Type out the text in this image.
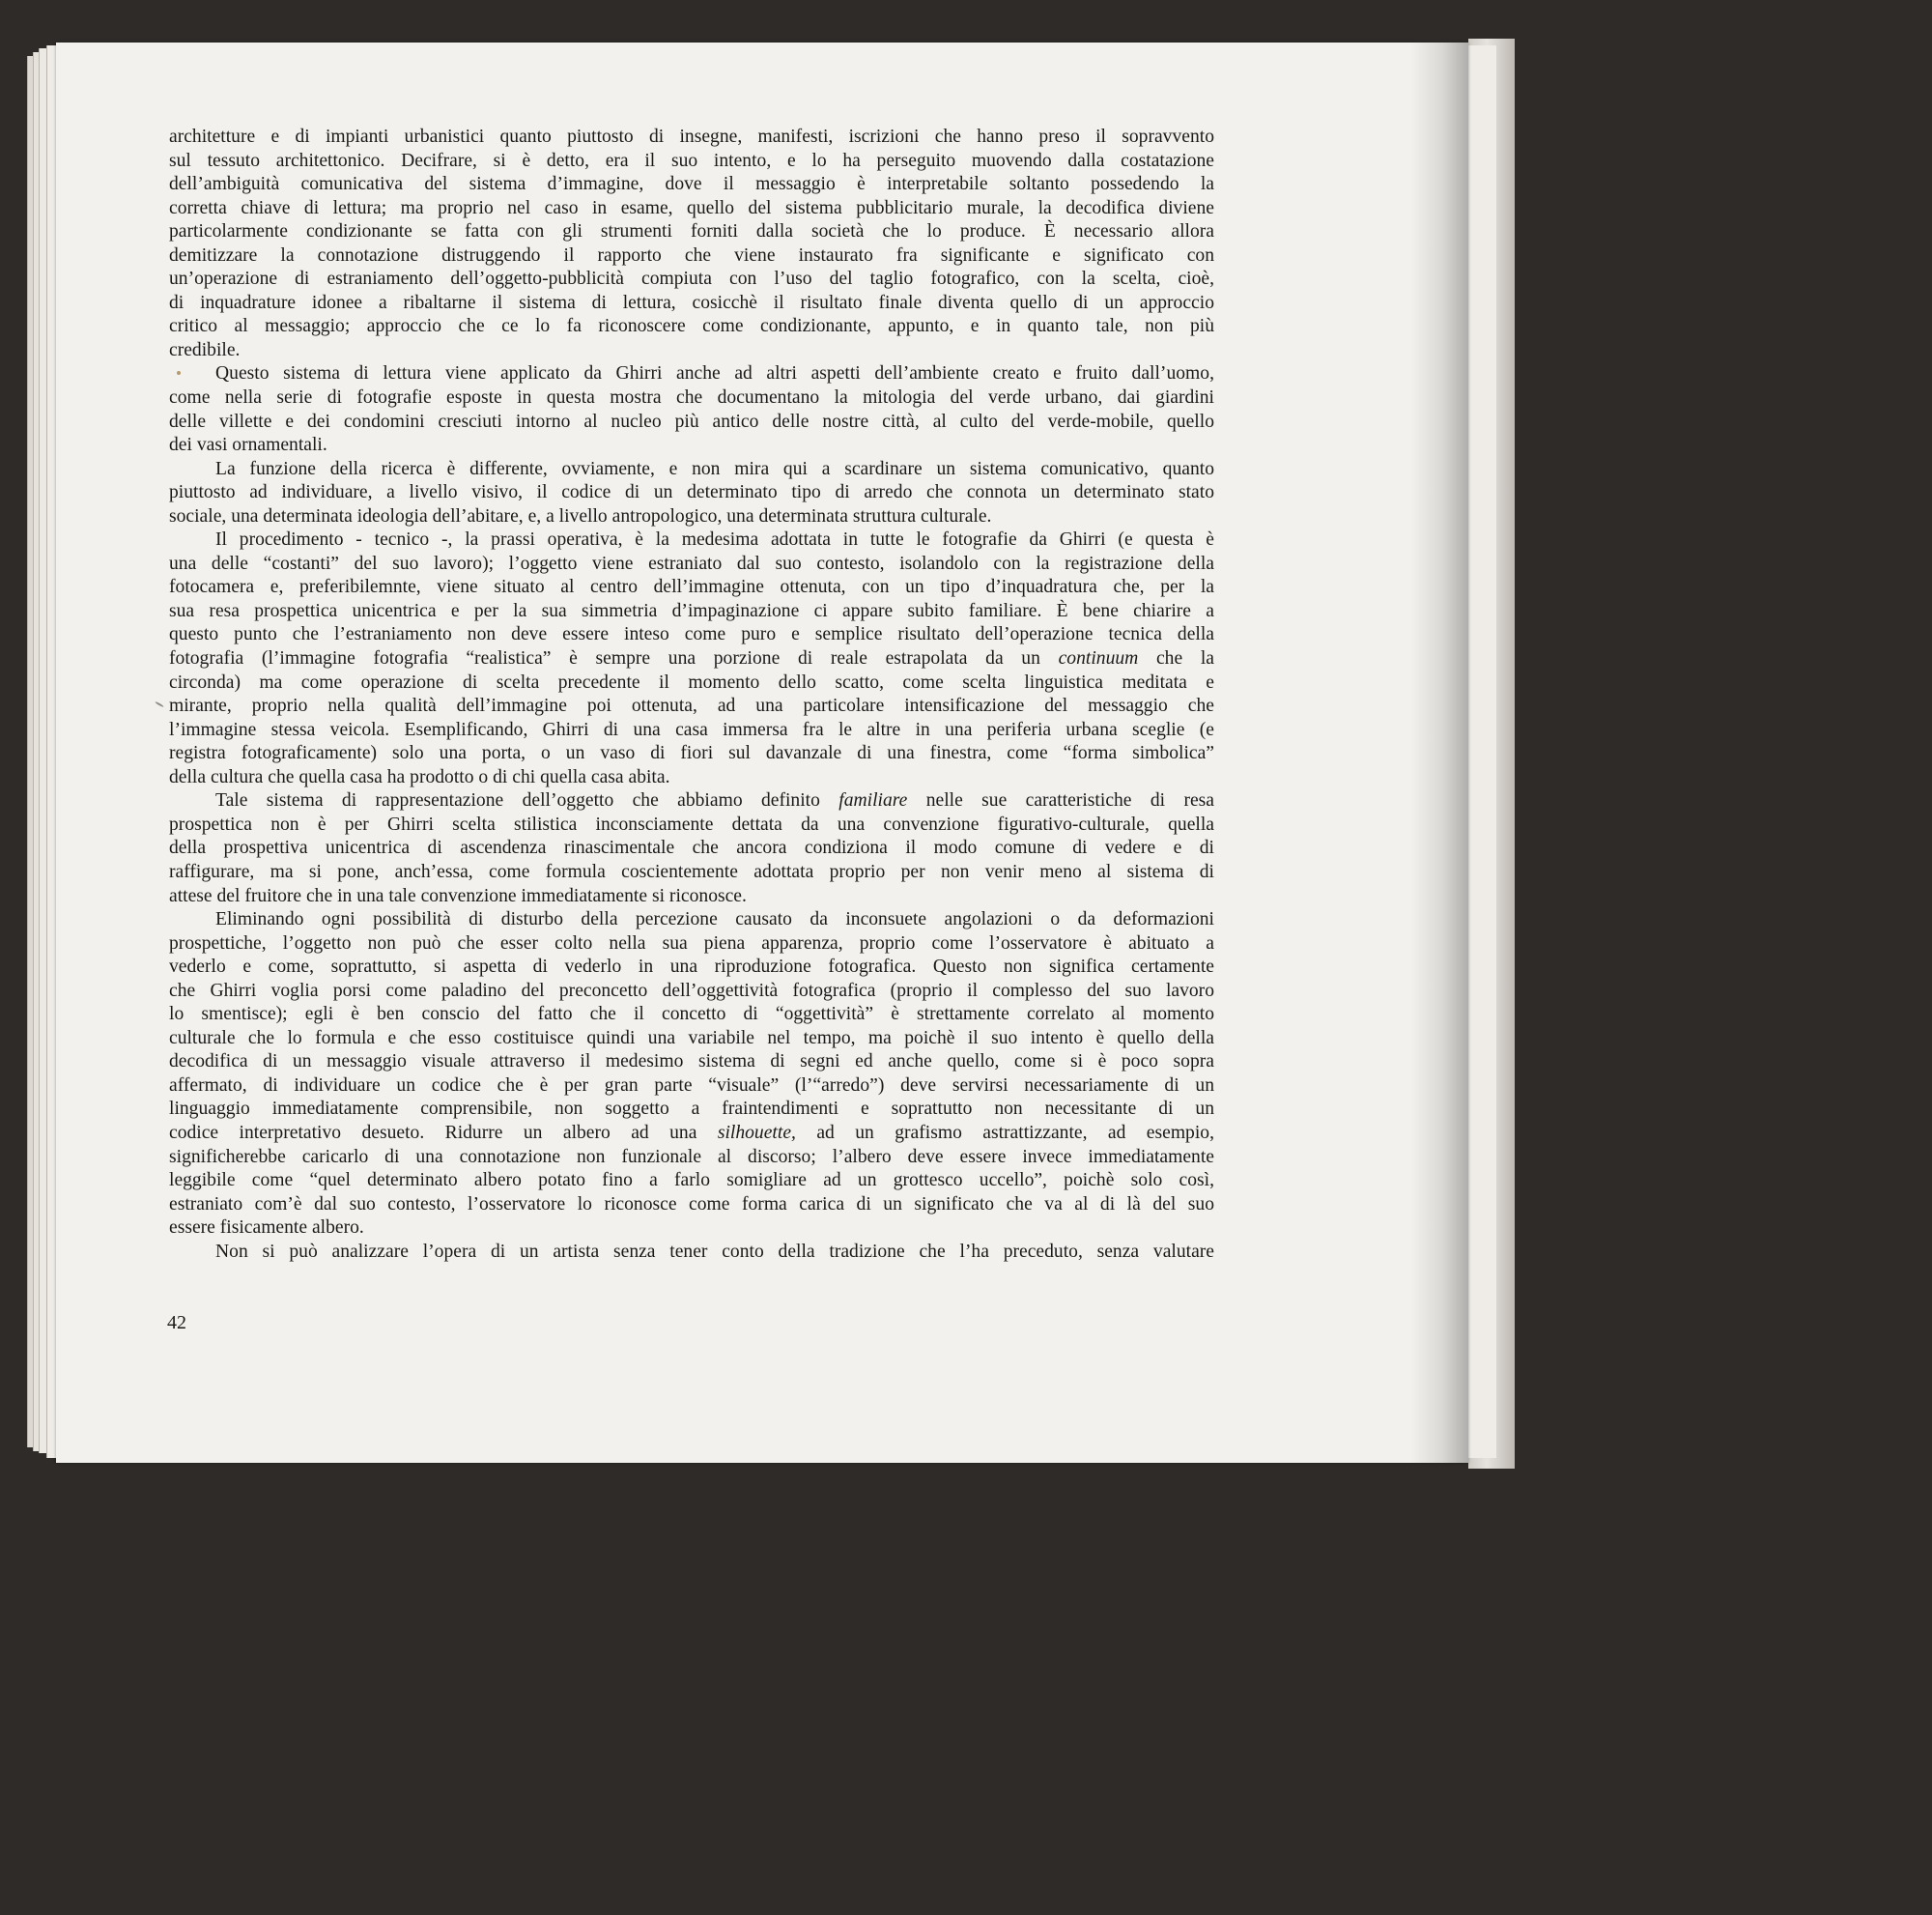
architetture e di impianti urbanistici quanto piuttosto di insegne, manifesti, iscrizioni che hanno preso il sopravvento
sul tessuto architettonico. Decifrare, si è detto, era il suo intento, e lo ha perseguito muovendo dalla costatazione
dell’ambiguità comunicativa del sistema d’immagine, dove il messaggio è interpretabile soltanto possedendo la
corretta chiave di lettura; ma proprio nel caso in esame, quello del sistema pubblicitario murale, la decodifica diviene
particolarmente condizionante se fatta con gli strumenti forniti dalla società che lo produce. È necessario allora
demitizzare la connotazione distruggendo il rapporto che viene instaurato fra significante e significato con
un’operazione di estraniamento dell’oggetto-pubblicità compiuta con l’uso del taglio fotografico, con la scelta, cioè,
di inquadrature idonee a ribaltarne il sistema di lettura, cosicchè il risultato finale diventa quello di un approccio
critico al messaggio; approccio che ce lo fa riconoscere come condizionante, appunto, e in quanto tale, non più
credibile.
Questo sistema di lettura viene applicato da Ghirri anche ad altri aspetti dell’ambiente creato e fruito dall’uomo,
come nella serie di fotografie esposte in questa mostra che documentano la mitologia del verde urbano, dai giardini
delle villette e dei condomini cresciuti intorno al nucleo più antico delle nostre città, al culto del verde-mobile, quello
dei vasi ornamentali.
La funzione della ricerca è differente, ovviamente, e non mira qui a scardinare un sistema comunicativo, quanto
piuttosto ad individuare, a livello visivo, il codice di un determinato tipo di arredo che connota un determinato stato
sociale, una determinata ideologia dell’abitare, e, a livello antropologico, una determinata struttura culturale.
Il procedimento - tecnico -, la prassi operativa, è la medesima adottata in tutte le fotografie da Ghirri (e questa è
una delle “costanti” del suo lavoro); l’oggetto viene estraniato dal suo contesto, isolandolo con la registrazione della
fotocamera e, preferibilemnte, viene situato al centro dell’immagine ottenuta, con un tipo d’inquadratura che, per la
sua resa prospettica unicentrica e per la sua simmetria d’impaginazione ci appare subito familiare. È bene chiarire a
questo punto che l’estraniamento non deve essere inteso come puro e semplice risultato dell’operazione tecnica della
fotografia (l’immagine fotografia “realistica” è sempre una porzione di reale estrapolata da un continuum che la
circonda) ma come operazione di scelta precedente il momento dello scatto, come scelta linguistica meditata e
mirante, proprio nella qualità dell’immagine poi ottenuta, ad una particolare intensificazione del messaggio che
l’immagine stessa veicola. Esemplificando, Ghirri di una casa immersa fra le altre in una periferia urbana sceglie (e
registra fotograficamente) solo una porta, o un vaso di fiori sul davanzale di una finestra, come “forma simbolica”
della cultura che quella casa ha prodotto o di chi quella casa abita.
Tale sistema di rappresentazione dell’oggetto che abbiamo definito familiare nelle sue caratteristiche di resa
prospettica non è per Ghirri scelta stilistica inconsciamente dettata da una convenzione figurativo-culturale, quella
della prospettiva unicentrica di ascendenza rinascimentale che ancora condiziona il modo comune di vedere e di
raffigurare, ma si pone, anch’essa, come formula coscientemente adottata proprio per non venir meno al sistema di
attese del fruitore che in una tale convenzione immediatamente si riconosce.
Eliminando ogni possibilità di disturbo della percezione causato da inconsuete angolazioni o da deformazioni
prospettiche, l’oggetto non può che esser colto nella sua piena apparenza, proprio come l’osservatore è abituato a
vederlo e come, soprattutto, si aspetta di vederlo in una riproduzione fotografica. Questo non significa certamente
che Ghirri voglia porsi come paladino del preconcetto dell’oggettività fotografica (proprio il complesso del suo lavoro
lo smentisce); egli è ben conscio del fatto che il concetto di “oggettività” è strettamente correlato al momento
culturale che lo formula e che esso costituisce quindi una variabile nel tempo, ma poichè il suo intento è quello della
decodifica di un messaggio visuale attraverso il medesimo sistema di segni ed anche quello, come si è poco sopra
affermato, di individuare un codice che è per gran parte “visuale” (l’“arredo”) deve servirsi necessariamente di un
linguaggio immediatamente comprensibile, non soggetto a fraintendimenti e soprattutto non necessitante di un
codice interpretativo desueto. Ridurre un albero ad una silhouette, ad un grafismo astrattizzante, ad esempio,
significherebbe caricarlo di una connotazione non funzionale al discorso; l’albero deve essere invece immediatamente
leggibile come “quel determinato albero potato fino a farlo somigliare ad un grottesco uccello”, poichè solo così,
estraniato com’è dal suo contesto, l’osservatore lo riconosce come forma carica di un significato che va al di là del suo
essere fisicamente albero.
Non si può analizzare l’opera di un artista senza tener conto della tradizione che l’ha preceduto, senza valutare
42
